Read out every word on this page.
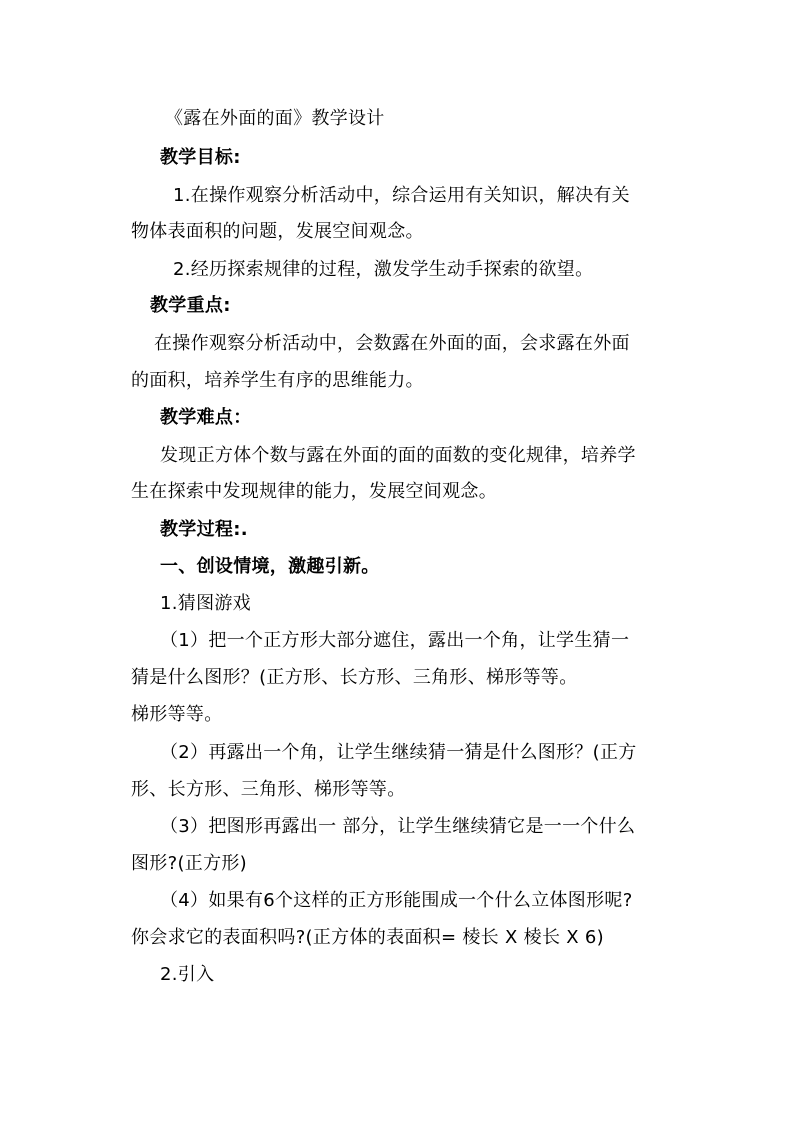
《露在外面的面》教学设计
教学目标:
1.在操作观察分析活动中，综合运用有关知识，解决有关
物体表面积的问题，发展空间观念。
2.经历探索规律的过程，激发学生动手探索的欲望。
教学重点:
在操作观察分析活动中，会数露在外面的面，会求露在外面
的面积，培养学生有序的思维能力。
教学难点：
发现正方体个数与露在外面的面的面数的变化规律，培养学
生在探索中发现规律的能力，发展空间观念。
教学过程:.
一、创设情境，激趣引新。
1.猜图游戏
（1）把一个正方形大部分遮住，露出一个角，让学生猜一
猜是什么图形？(正方形、长方形、三角形、梯形等等。
梯形等等。
（2）再露出一个角，让学生继续猜一猜是什么图形？(正方
形、长方形、三角形、梯形等等。
（3）把图形再露出一 部分，让学生继续猜它是一一个什么
图形?(正方形)
（4）如果有6个这样的正方形能围成一个什么立体图形呢?
你会求它的表面积吗?(正方体的表面积= 棱长 X 棱长 X 6)
2.引入
